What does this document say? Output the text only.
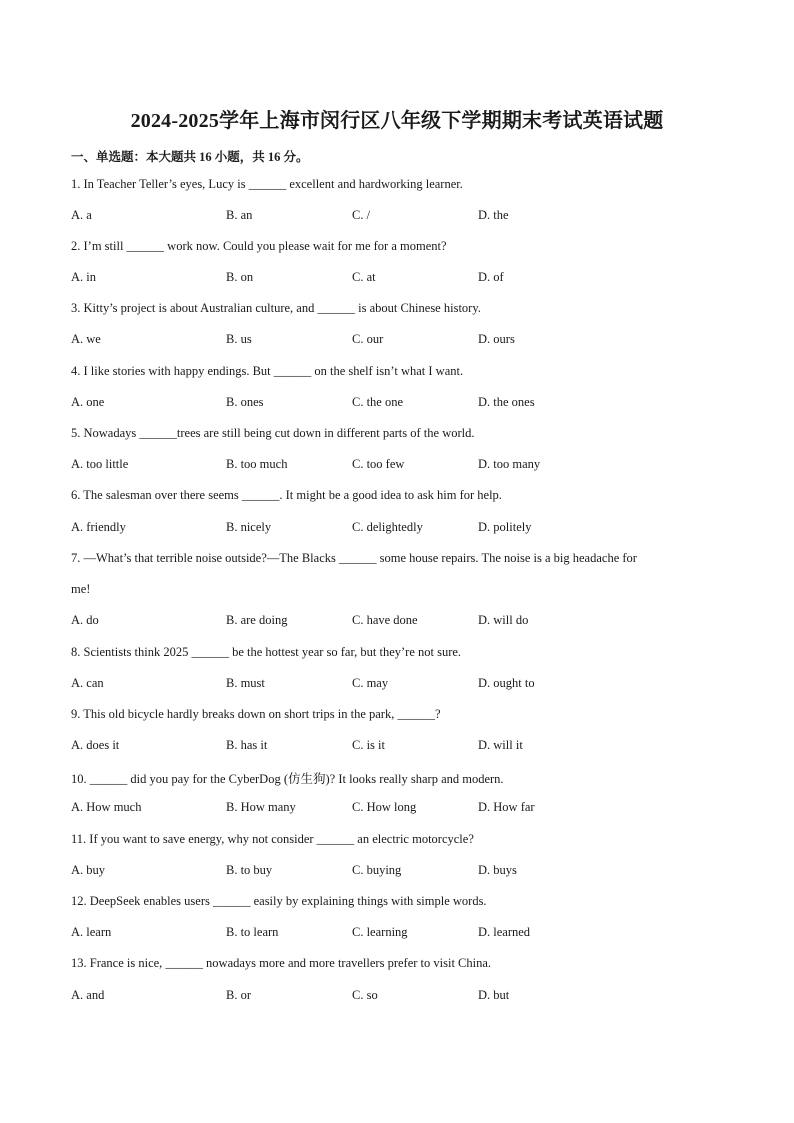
2024-2025学年上海市闵行区八年级下学期期末考试英语试题
一、单选题：本大题共 16 小题，共 16 分。
1. In Teacher Teller’s eyes, Lucy is ______ excellent and hardworking learner.
A. a	B. an	C. /	D. the
2. I’m still ______ work now. Could you please wait for me for a moment?
A. in	B. on	C. at	D. of
3. Kitty’s project is about Australian culture, and ______ is about Chinese history.
A. we	B. us	C. our	D. ours
4. I like stories with happy endings. But ______ on the shelf isn’t what I want.
A. one	B. ones	C. the one	D. the ones
5. Nowadays ______trees are still being cut down in different parts of the world.
A. too little	B. too much	C. too few	D. too many
6. The salesman over there seems ______. It might be a good idea to ask him for help.
A. friendly	B. nicely	C. delightedly	D. politely
7. —What’s that terrible noise outside?—The Blacks ______ some house repairs. The noise is a big headache for
me!
A. do	B. are doing	C. have done	D. will do
8. Scientists think 2025 ______ be the hottest year so far, but they’re not sure.
A. can	B. must	C. may	D. ought to
9. This old bicycle hardly breaks down on short trips in the park, ______?
A. does it	B. has it	C. is it	D. will it
10. ______ did you pay for the CyberDog (仿生狗)? It looks really sharp and modern.
A. How much	B. How many	C. How long	D. How far
11. If you want to save energy, why not consider ______ an electric motorcycle?
A. buy	B. to buy	C. buying	D. buys
12. DeepSeek enables users ______ easily by explaining things with simple words.
A. learn	B. to learn	C. learning	D. learned
13. France is nice, ______ nowadays more and more travellers prefer to visit China.
A. and	B. or	C. so	D. but
